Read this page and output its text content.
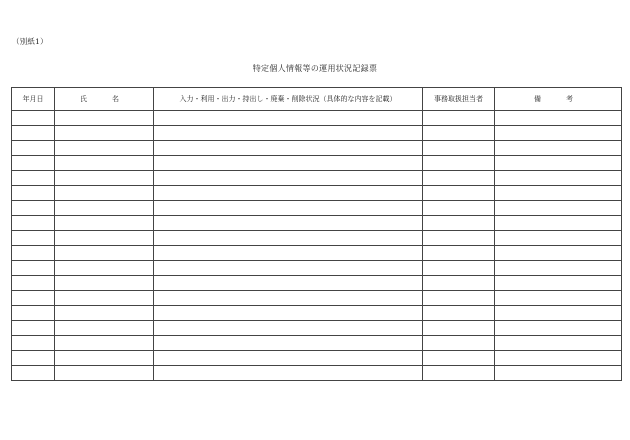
（別紙1）
特定個人情報等の運用状況記録票
年月日	氏　名	入力・利用・出力・持出し・廃棄・削除状況（具体的な内容を記載）	事務取扱担当者	備　考
